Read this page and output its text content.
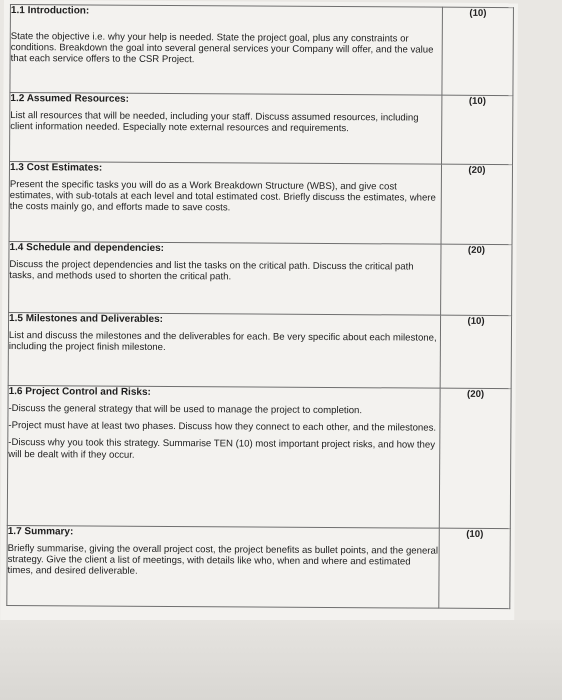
1.1 Introduction:
State the objective i.e. why your help is needed. State the project goal, plus any constraints or conditions. Breakdown the goal into several general services your Company will offer, and the value that each service offers to the CSR Project.	(10)

1.2 Assumed Resources:
List all resources that will be needed, including your staff. Discuss assumed resources, including client information needed. Especially note external resources and requirements.	(10)

1.3 Cost Estimates:
Present the specific tasks you will do as a Work Breakdown Structure (WBS), and give cost estimates, with sub-totals at each level and total estimated cost. Briefly discuss the estimates, where the costs mainly go, and efforts made to save costs.	(20)

1.4 Schedule and dependencies:
Discuss the project dependencies and list the tasks on the critical path. Discuss the critical path tasks, and methods used to shorten the critical path.	(20)

1.5 Milestones and Deliverables:
List and discuss the milestones and the deliverables for each. Be very specific about each milestone, including the project finish milestone.	(10)

1.6 Project Control and Risks:
-Discuss the general strategy that will be used to manage the project to completion.
-Project must have at least two phases. Discuss how they connect to each other, and the milestones.
-Discuss why you took this strategy. Summarise TEN (10) most important project risks, and how they will be dealt with if they occur.	(20)

1.7 Summary:
Briefly summarise, giving the overall project cost, the project benefits as bullet points, and the general strategy. Give the client a list of meetings, with details like who, when and where and estimated times, and desired deliverable.	(10)
